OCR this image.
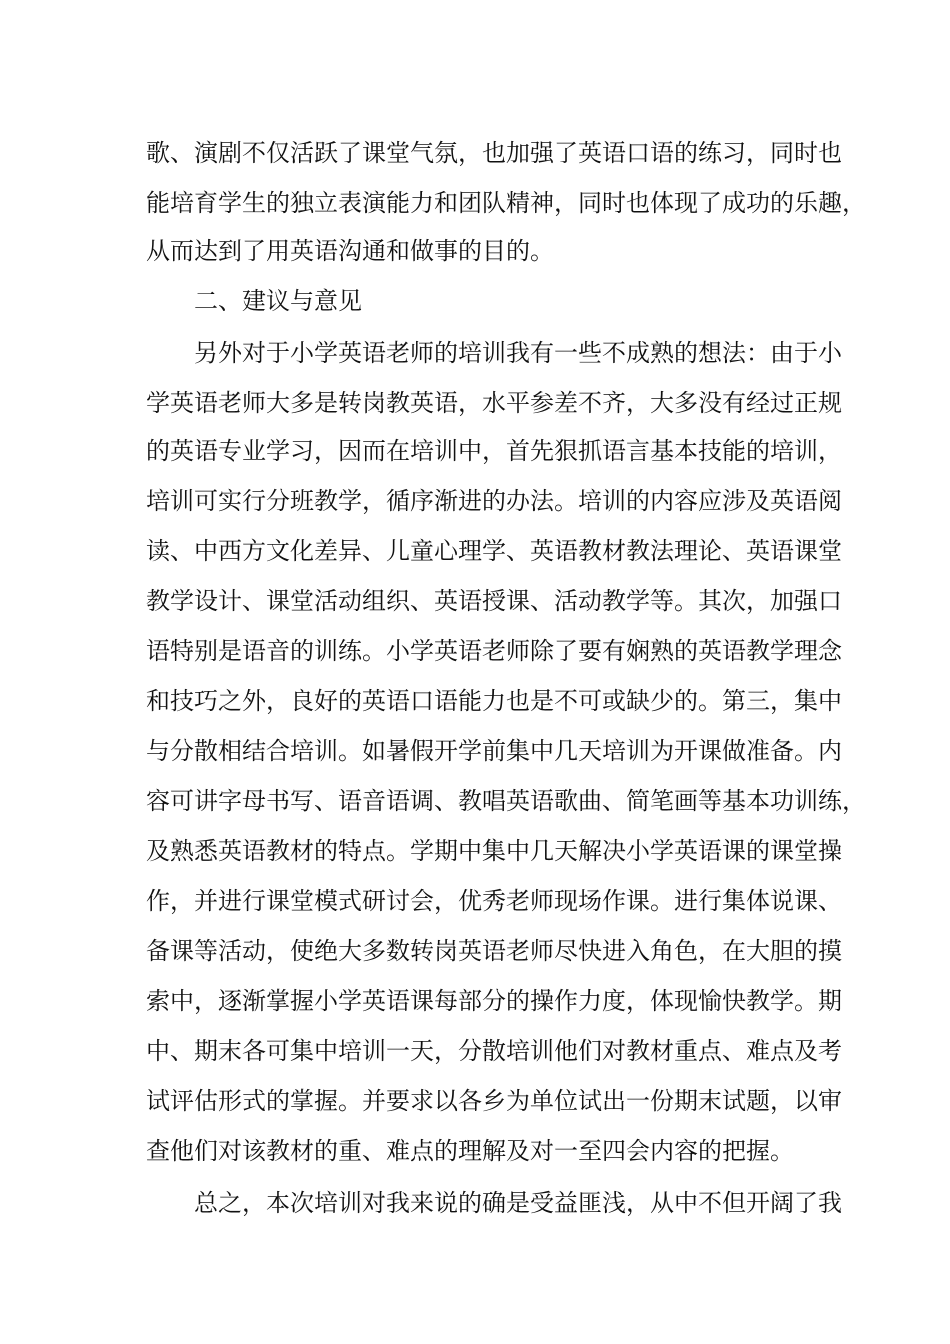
歌、演剧不仅活跃了课堂气氛，也加强了英语口语的练习，同时也
能培育学生的独立表演能力和团队精神，同时也体现了成功的乐趣，
从而达到了用英语沟通和做事的目的。
二、建议与意见
另外对于小学英语老师的培训我有一些不成熟的想法：由于小
学英语老师大多是转岗教英语，水平参差不齐，大多没有经过正规
的英语专业学习，因而在培训中，首先狠抓语言基本技能的培训，
培训可实行分班教学，循序渐进的办法。培训的内容应涉及英语阅
读、中西方文化差异、儿童心理学、英语教材教法理论、英语课堂
教学设计、课堂活动组织、英语授课、活动教学等。其次，加强口
语特别是语音的训练。小学英语老师除了要有娴熟的英语教学理念
和技巧之外，良好的英语口语能力也是不可或缺少的。第三，集中
与分散相结合培训。如暑假开学前集中几天培训为开课做准备。内
容可讲字母书写、语音语调、教唱英语歌曲、简笔画等基本功训练，
及熟悉英语教材的特点。学期中集中几天解决小学英语课的课堂操
作，并进行课堂模式研讨会，优秀老师现场作课。进行集体说课、
备课等活动，使绝大多数转岗英语老师尽快进入角色，在大胆的摸
索中，逐渐掌握小学英语课每部分的操作力度，体现愉快教学。期
中、期末各可集中培训一天，分散培训他们对教材重点、难点及考
试评估形式的掌握。并要求以各乡为单位试出一份期末试题，以审
查他们对该教材的重、难点的理解及对一至四会内容的把握。
总之，本次培训对我来说的确是受益匪浅，从中不但开阔了我
